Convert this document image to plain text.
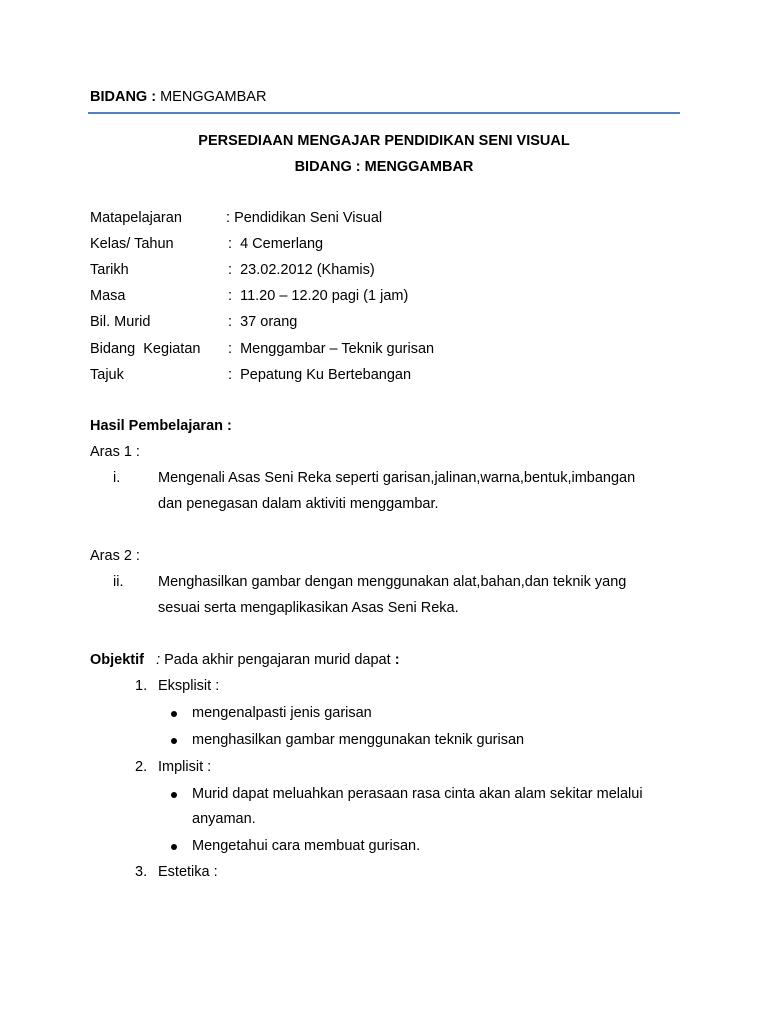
BIDANG : MENGGAMBAR
PERSEDIAAN MENGAJAR PENDIDIKAN SENI VISUAL
BIDANG : MENGGAMBAR
Matapelajaran	: Pendidikan Seni Visual
Kelas/ Tahun	: 4 Cemerlang
Tarikh	: 23.02.2012 (Khamis)
Masa	: 11.20 – 12.20 pagi (1 jam)
Bil. Murid	: 37 orang
Bidang  Kegiatan : Menggambar – Teknik gurisan
Tajuk	: Pepatung Ku Bertebangan
Hasil Pembelajaran :
Aras 1 :
i.	Mengenali Asas Seni Reka seperti garisan,jalinan,warna,bentuk,imbangan
dan penegasan dalam aktiviti menggambar.
Aras 2 :
ii. Menghasilkan gambar dengan menggunakan alat,bahan,dan teknik yang
sesuai serta mengaplikasikan Asas Seni Reka.
Objektif : Pada akhir pengajaran murid dapat :
1. Eksplisit :
mengenalpasti jenis garisan
menghasilkan gambar menggunakan teknik gurisan
2. Implisit :
Murid dapat meluahkan perasaan rasa cinta akan alam sekitar melalui
anyaman.
Mengetahui cara membuat gurisan.
3. Estetika :
